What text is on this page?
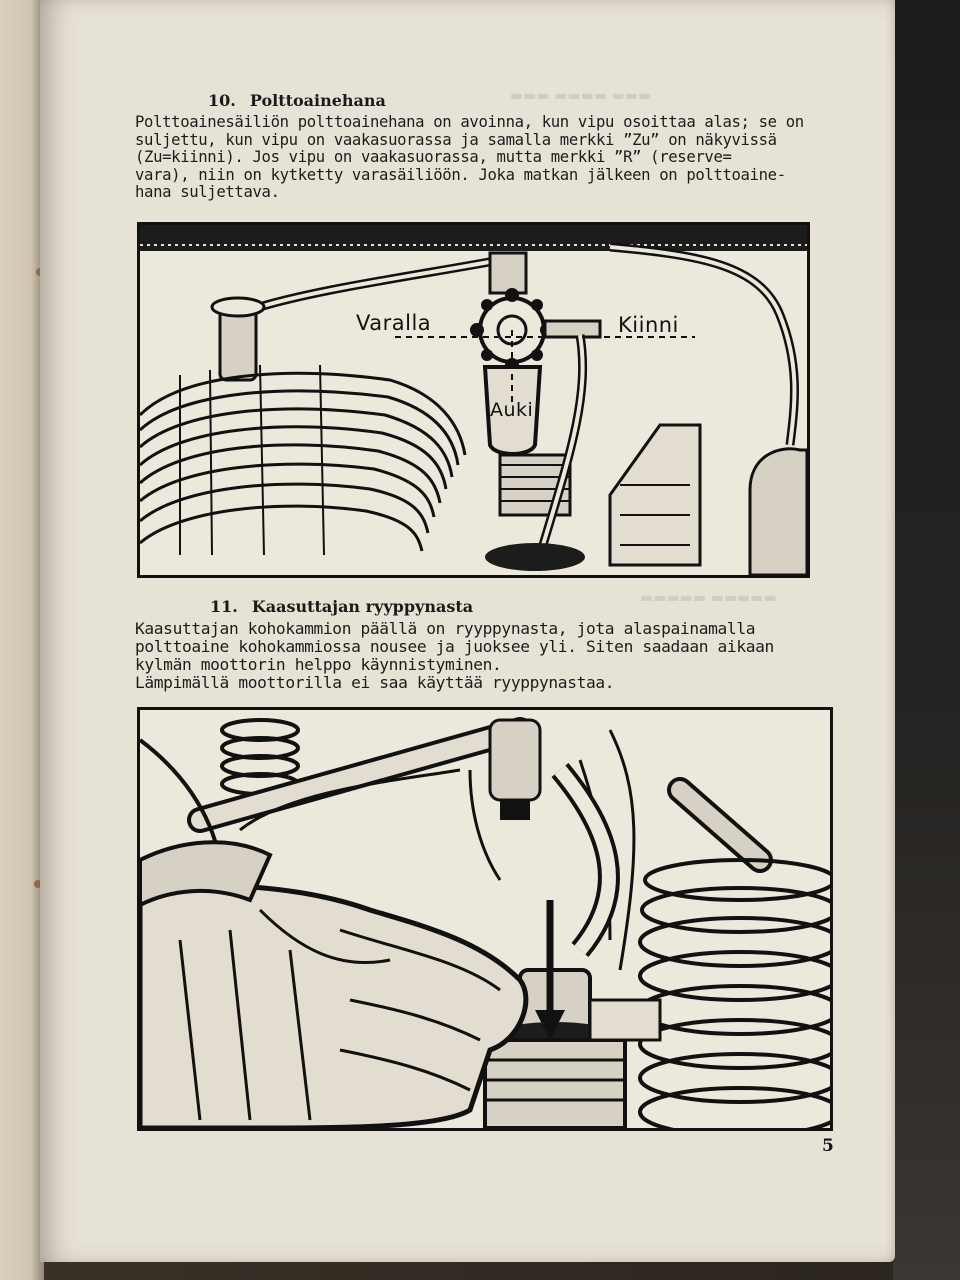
▬▬▬ ▬▬▬▬ ▬▬▬
▬▬▬▬▬ ▬▬▬▬▬
10. Polttoainehana
Polttoainesäiliön polttoainehana on avoinna, kun vipu osoittaa alas; se on
suljettu, kun vipu on vaakasuorassa ja samalla merkki ”Zu” on näkyvissä
(Zu=kiinni). Jos vipu on vaakasuorassa, mutta merkki ”R” (reserve=
vara), niin on kytketty varasäiliöön. Joka matkan jälkeen on polttoaine-
hana suljettava.
Varalla	Kiinni
Auki
11. Kaasuttajan ryyppynasta
Kaasuttajan kohokammion päällä on ryyppynasta, jota alaspainamalla
polttoaine kohokammiossa nousee ja juoksee yli. Siten saadaan aikaan
kylmän moottorin helppo käynnistyminen.
Lämpimällä moottorilla ei saa käyttää ryyppynastaa.
5
